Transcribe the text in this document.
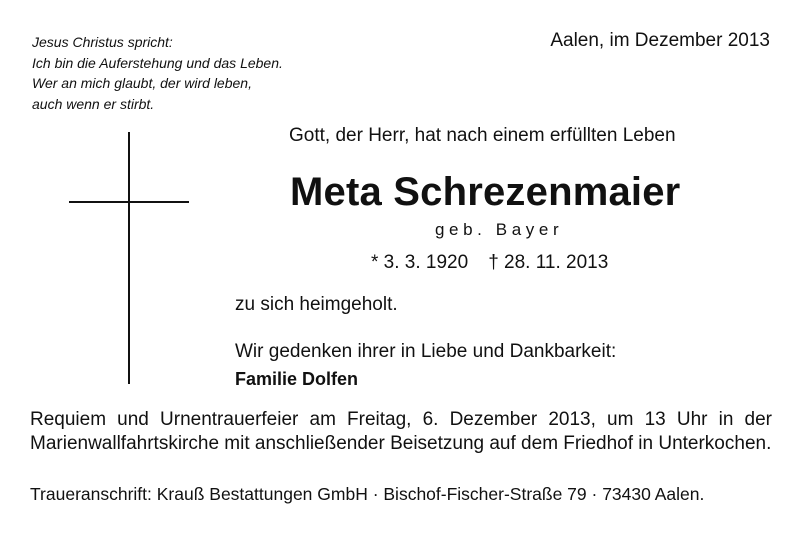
Jesus Christus spricht:
Ich bin die Auferstehung und das Leben.
Wer an mich glaubt, der wird leben,
auch wenn er stirbt.
Aalen, im Dezember 2013
Gott, der Herr, hat nach einem erfüllten Leben
Meta Schrezenmaier
geb. Bayer
* 3. 3. 1920 † 28. 11. 2013
zu sich heimgeholt.
Wir gedenken ihrer in Liebe und Dankbarkeit:
Familie Dolfen
Requiem und Urnentrauerfeier am Freitag, 6. Dezember 2013, um 13 Uhr in der Marienwallfahrtskirche mit anschließender Beisetzung auf dem Friedhof in Unterkochen.
Traueranschrift: Krauß Bestattungen GmbH · Bischof-Fischer-Straße 79 · 73430 Aalen.
